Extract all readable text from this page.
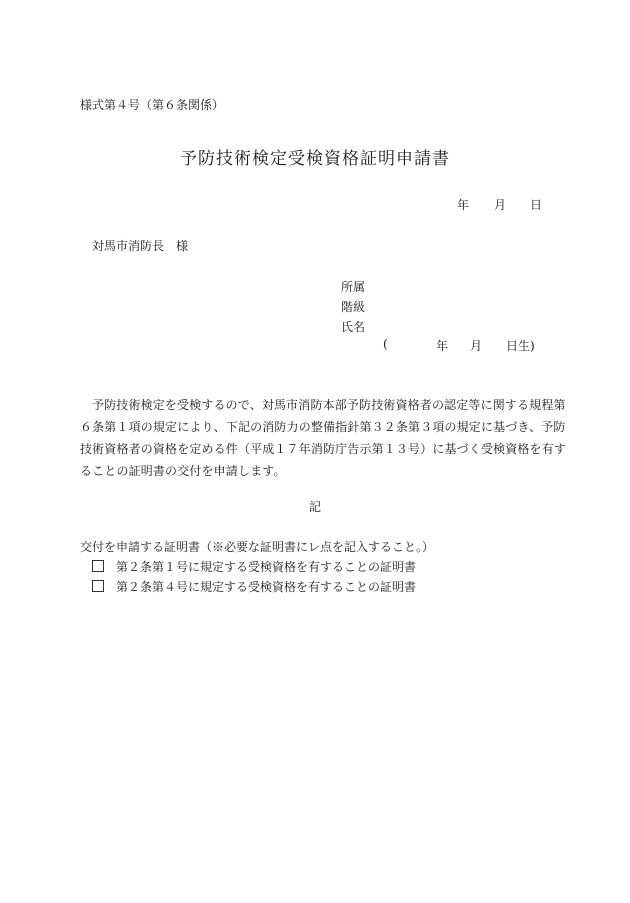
様式第４号（第６条関係）
予防技術検定受検資格証明申請書
年 月 日
対馬市消防長　様
所属
階級
氏名
(	年 月 日生)
予防技術検定を受検するので、対馬市消防本部予防技術資格者の認定等に関する規程第
６条第１項の規定により、下記の消防力の整備指針第３２条第３項の規定に基づき、予防
技術資格者の資格を定める件（平成１７年消防庁告示第１３号）に基づく受検資格を有す
ることの証明書の交付を申請します。
記
交付を申請する証明書（※必要な証明書にレ点を記入すること。）
第２条第１号に規定する受検資格を有することの証明書
第２条第４号に規定する受検資格を有することの証明書
